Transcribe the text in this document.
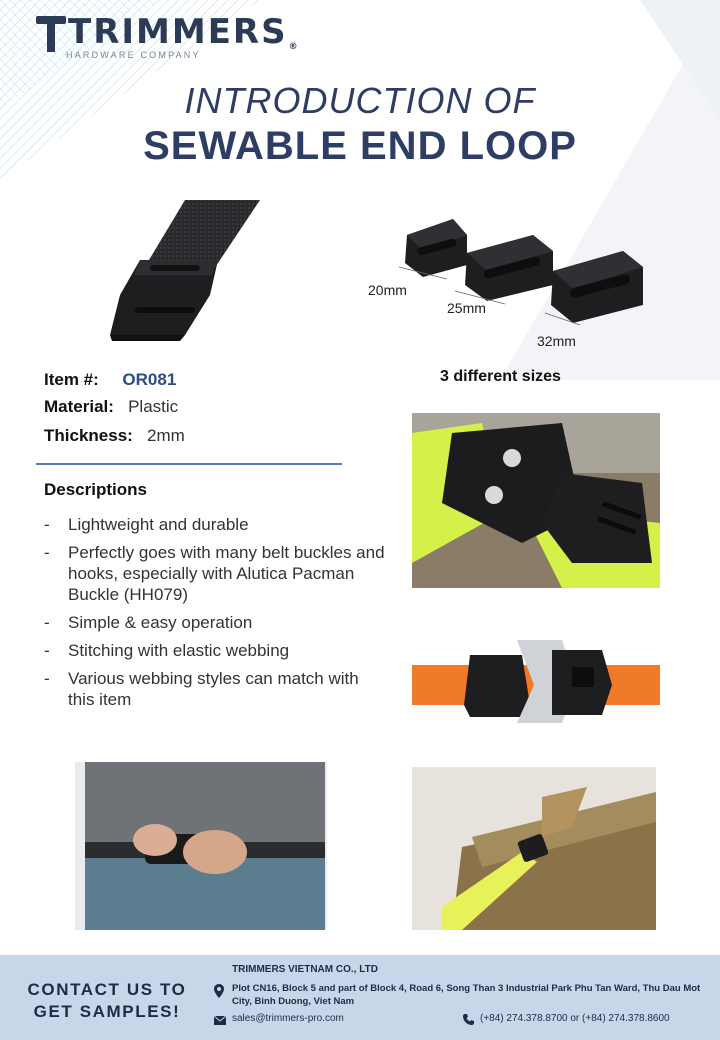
TRIMMERS ®
HARDWARE COMPANY
INTRODUCTION OF
SEWABLE END LOOP
20mm
25mm
32mm
3 different sizes
Item #: OR081
Material: Plastic
Thickness: 2mm
Descriptions
- Lightweight and durable
- Perfectly goes with many belt buckles and hooks, especially with Alutica Pacman Buckle (HH079)
- Simple & easy operation
- Stitching with elastic webbing
- Various webbing styles can match with this item
CONTACT US TO
GET SAMPLES!
TRIMMERS VIETNAM CO., LTD
Plot CN16, Block 5 and part of Block 4, Road 6, Song Than 3 Industrial Park Phu Tan Ward, Thu Dau Mot City, Binh Duong, Viet Nam
sales@trimmers-pro.com	(+84) 274.378.8700 or (+84) 274.378.8600
